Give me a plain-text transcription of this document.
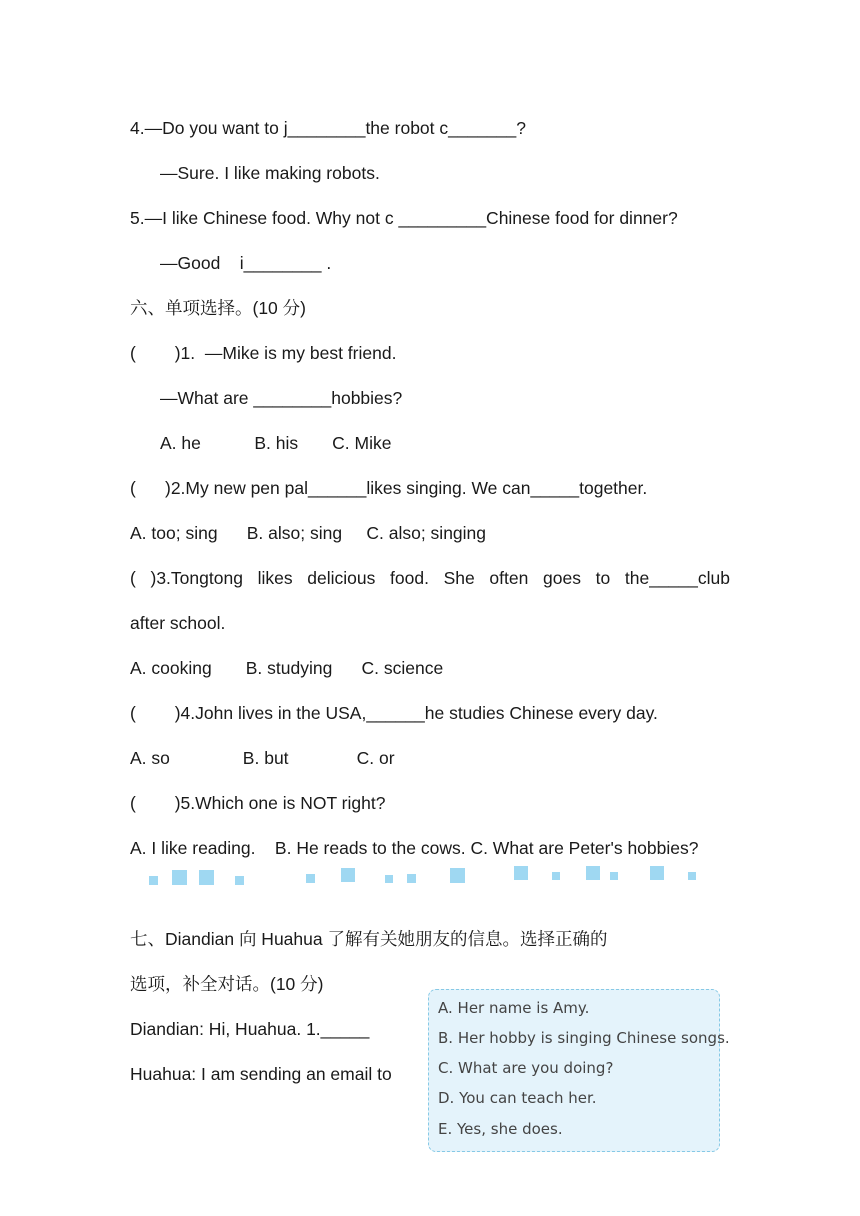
4.—Do you want to j________the robot c_______?
—Sure. I like making robots.
5.—I like Chinese food. Why not c _________Chinese food for dinner?
—Good    i________ .
六、单项选择。(10 分)
(        )1.  —Mike is my best friend.
—What are ________hobbies?
A. he           B. his       C. Mike
(      )2.My new pen pal______likes singing. We can_____together.
A. too; sing      B. also; sing     C. also; singing
( )3.Tongtong likes delicious food. She often goes to the_____club
after school.
A. cooking       B. studying      C. science
(        )4.John lives in the USA,______he studies Chinese every day.
A. so               B. but              C. or
(        )5.Which one is NOT right?
A. I like reading.    B. He reads to the cows. C. What are Peter's hobbies?
七、Diandian 向 Huahua 了解有关她朋友的信息。选择正确的
选项，补全对话。(10 分)
Diandian: Hi, Huahua. 1._____
Huahua: I am sending an email to
A. Her name is Amy.
B. Her hobby is singing Chinese songs.
C. What are you doing?
D. You can teach her.
E. Yes, she does.
